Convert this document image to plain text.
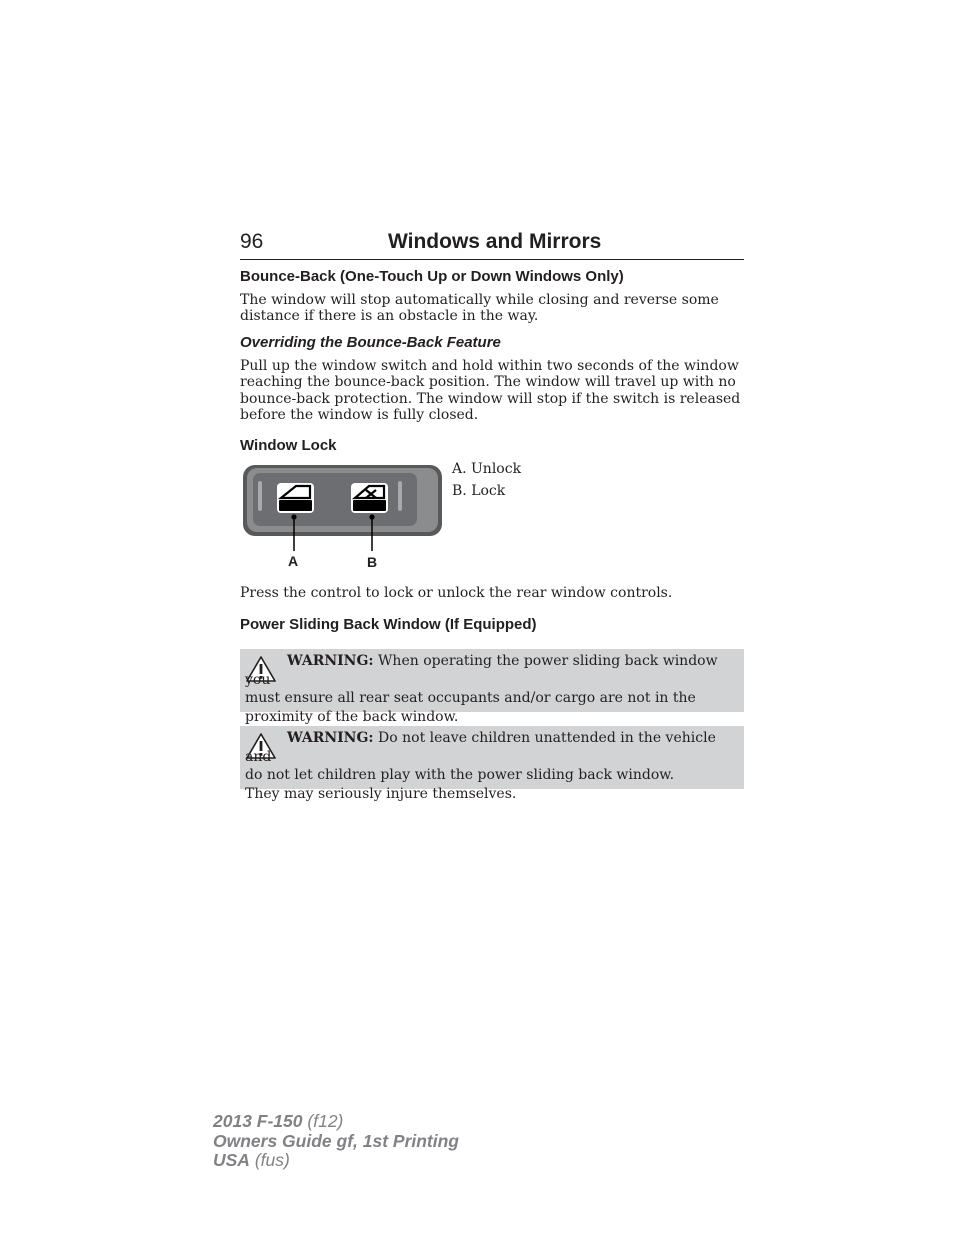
96	Windows and Mirrors
Bounce-Back (One-Touch Up or Down Windows Only)
The window will stop automatically while closing and reverse some
distance if there is an obstacle in the way.
Overriding the Bounce-Back Feature
Pull up the window switch and hold within two seconds of the window
reaching the bounce-back position. The window will travel up with no
bounce-back protection. The window will stop if the switch is released
before the window is fully closed.
Window Lock
A	B
A. Unlock
B. Lock
Press the control to lock or unlock the rear window controls.
Power Sliding Back Window (If Equipped)
WARNING: When operating the power sliding back window you
must ensure all rear seat occupants and/or cargo are not in the
proximity of the back window.
WARNING: Do not leave children unattended in the vehicle and
do not let children play with the power sliding back window.
They may seriously injure themselves.
2013 F-150 (f12)
Owners Guide gf, 1st Printing
USA (fus)
